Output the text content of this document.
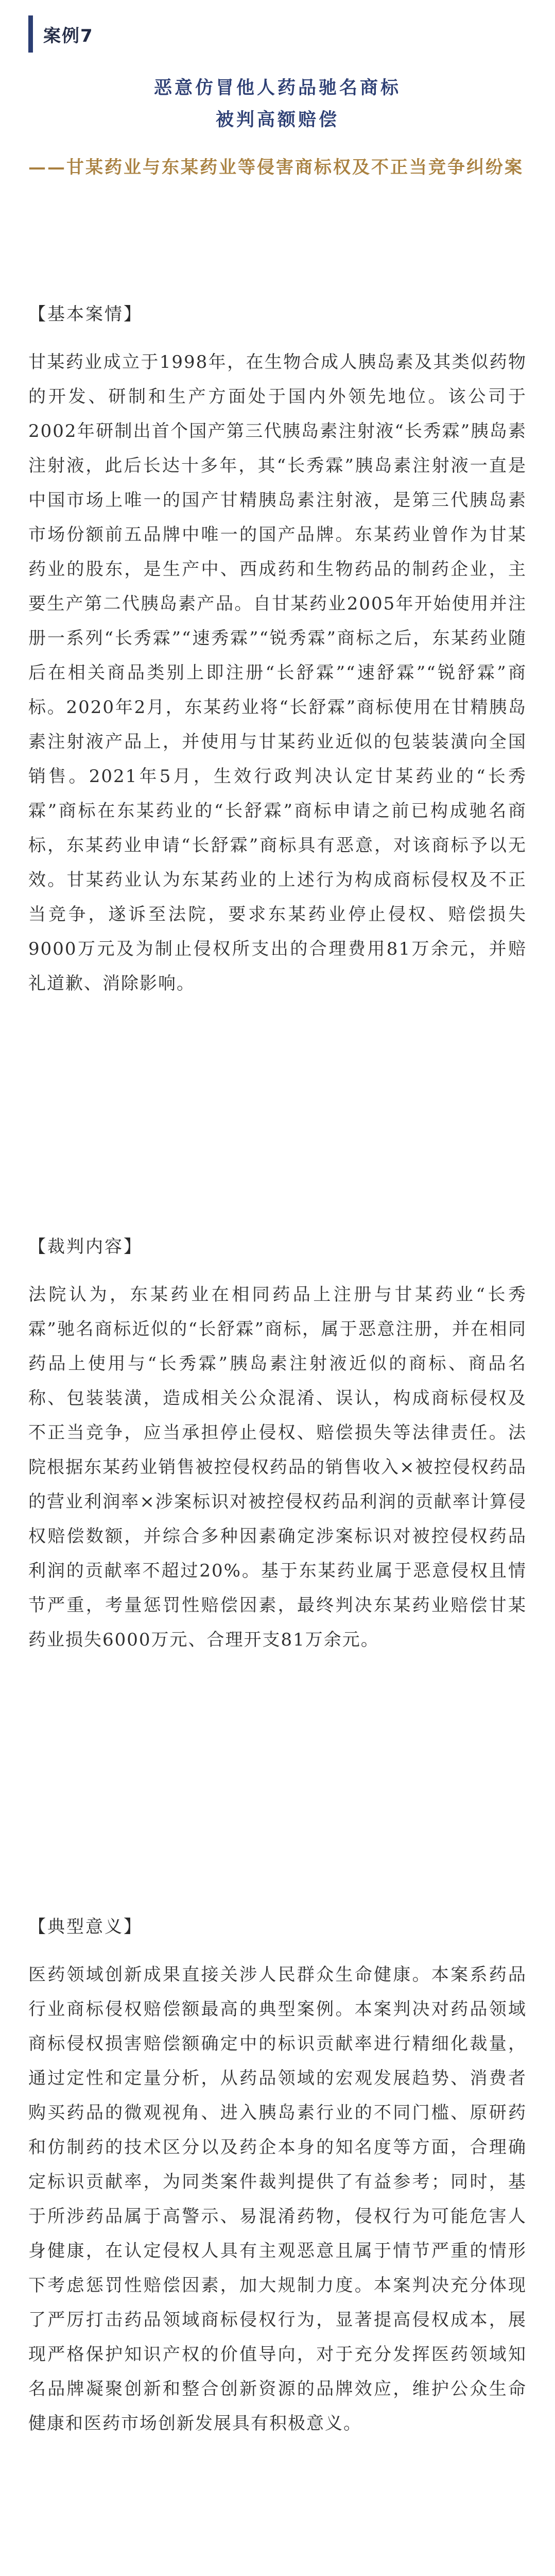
案例7
恶意仿冒他人药品驰名商标
被判高额赔偿
——甘某药业与东某药业等侵害商标权及不正当竞争纠纷案
【基本案情】

甘某药业成立于1998年，在生物合成人胰岛素及其类似药物的开发、研制和生产方面处于国内外领先地位。该公司于2002年研制出首个国产第三代胰岛素注射液“长秀霖”胰岛素注射液，此后长达十多年，其“长秀霖”胰岛素注射液一直是中国市场上唯一的国产甘精胰岛素注射液，是第三代胰岛素市场份额前五品牌中唯一的国产品牌。东某药业曾作为甘某药业的股东，是生产中、西成药和生物药品的制药企业，主要生产第二代胰岛素产品。自甘某药业2005年开始使用并注册一系列“长秀霖”“速秀霖”“锐秀霖”商标之后，东某药业随后在相关商品类别上即注册“长舒霖”“速舒霖”“锐舒霖”商标。2020年2月，东某药业将“长舒霖”商标使用在甘精胰岛素注射液产品上，并使用与甘某药业近似的包装装潢向全国销售。2021年5月，生效行政判决认定甘某药业的“长秀霖”商标在东某药业的“长舒霖”商标申请之前已构成驰名商标，东某药业申请“长舒霖”商标具有恶意，对该商标予以无效。甘某药业认为东某药业的上述行为构成商标侵权及不正当竞争，遂诉至法院，要求东某药业停止侵权、赔偿损失9000万元及为制止侵权所支出的合理费用81万余元，并赔礼道歉、消除影响。

【裁判内容】

法院认为，东某药业在相同药品上注册与甘某药业“长秀霖”驰名商标近似的“长舒霖”商标，属于恶意注册，并在相同药品上使用与“长秀霖”胰岛素注射液近似的商标、商品名称、包装装潢，造成相关公众混淆、误认，构成商标侵权及不正当竞争，应当承担停止侵权、赔偿损失等法律责任。法院根据东某药业销售被控侵权药品的销售收入×被控侵权药品的营业利润率×涉案标识对被控侵权药品利润的贡献率计算侵权赔偿数额，并综合多种因素确定涉案标识对被控侵权药品利润的贡献率不超过20%。基于东某药业属于恶意侵权且情节严重，考量惩罚性赔偿因素，最终判决东某药业赔偿甘某药业损失6000万元、合理开支81万余元。

【典型意义】

医药领域创新成果直接关涉人民群众生命健康。本案系药品行业商标侵权赔偿额最高的典型案例。本案判决对药品领域商标侵权损害赔偿额确定中的标识贡献率进行精细化裁量，通过定性和定量分析，从药品领域的宏观发展趋势、消费者购买药品的微观视角、进入胰岛素行业的不同门槛、原研药和仿制药的技术区分以及药企本身的知名度等方面，合理确定标识贡献率，为同类案件裁判提供了有益参考；同时，基于所涉药品属于高警示、易混淆药物，侵权行为可能危害人身健康，在认定侵权人具有主观恶意且属于情节严重的情形下考虑惩罚性赔偿因素，加大规制力度。本案判决充分体现了严厉打击药品领域商标侵权行为，显著提高侵权成本，展现严格保护知识产权的价值导向，对于充分发挥医药领域知名品牌凝聚创新和整合创新资源的品牌效应，维护公众生命健康和医药市场创新发展具有积极意义。
